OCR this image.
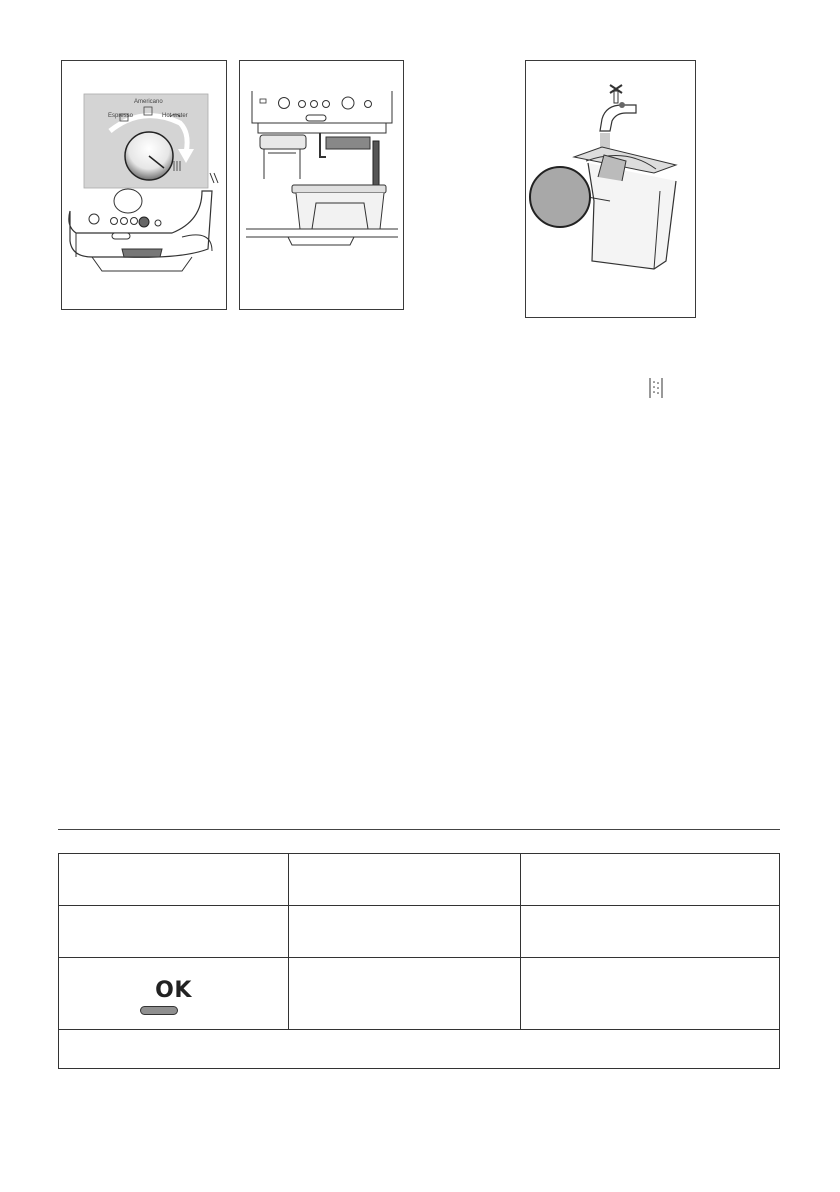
Americano
Espresso	Hot water

OK		
